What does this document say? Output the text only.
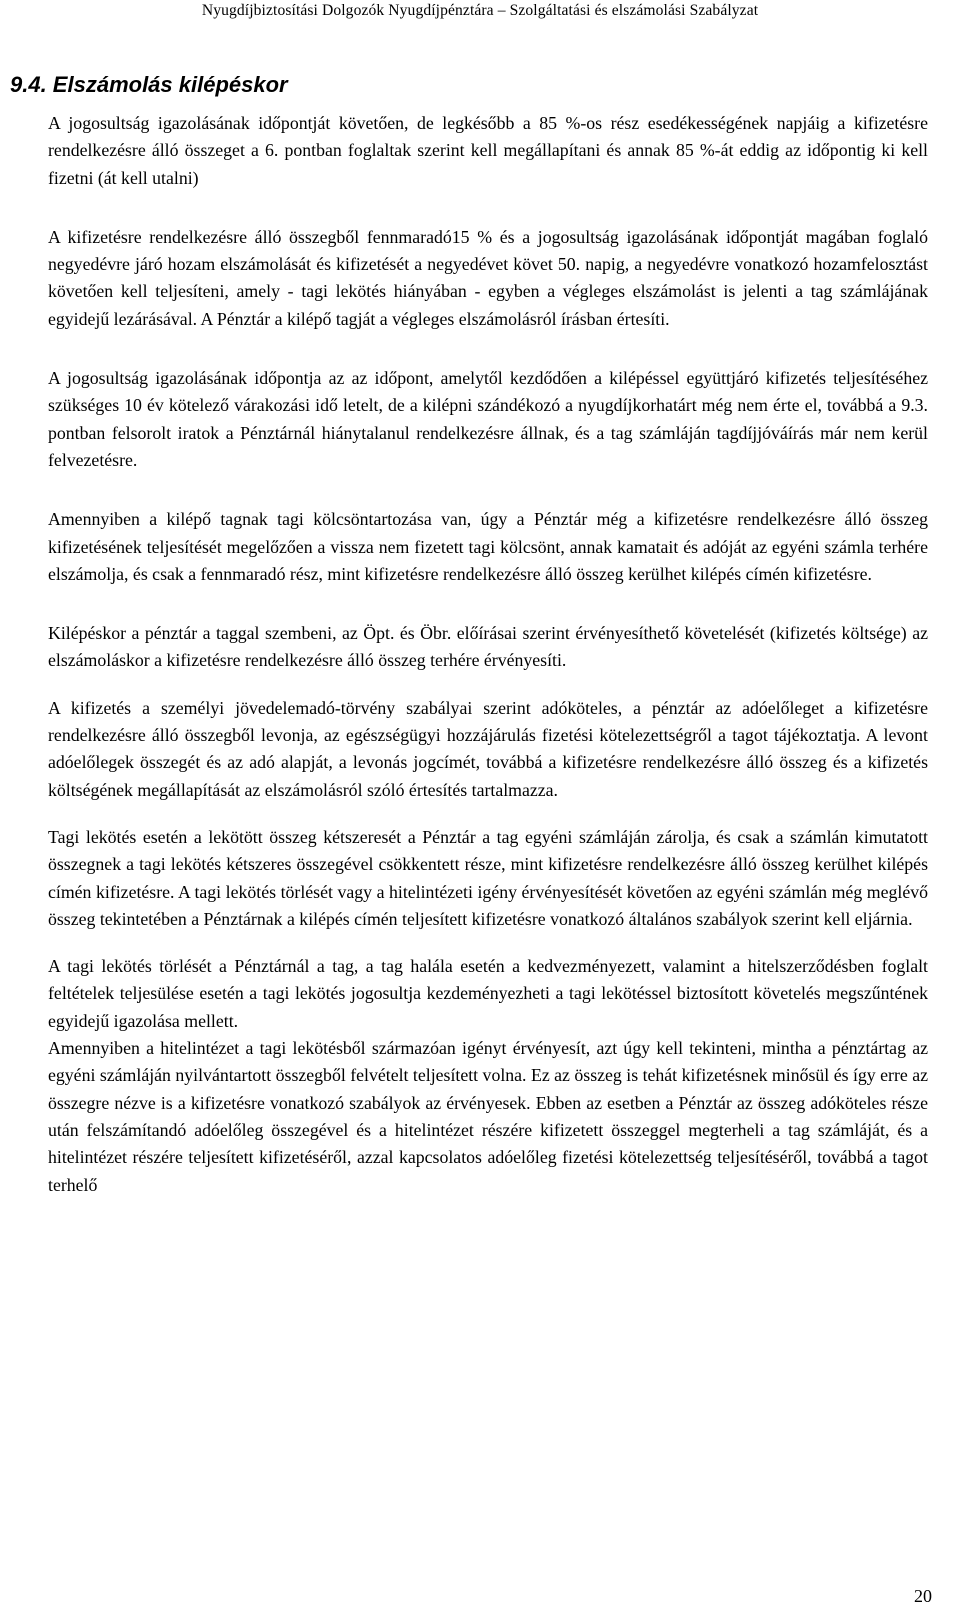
Nyugdíjbiztosítási Dolgozók Nyugdíjpénztára – Szolgáltatási és elszámolási Szabályzat
9.4. Elszámolás kilépéskor

A jogosultság igazolásának időpontját követően, de legkésőbb a 85 %-os rész esedékességének napjáig a kifizetésre rendelkezésre álló összeget a 6. pontban foglaltak szerint kell megállapítani és annak 85 %-át eddig az időpontig ki kell fizetni (át kell utalni)

A kifizetésre rendelkezésre álló összegből fennmaradó15 % és a jogosultság igazolásának időpontját magában foglaló negyedévre járó hozam elszámolását és kifizetését a negyedévet követ 50. napig, a negyedévre vonatkozó hozamfelosztást követően kell teljesíteni, amely - tagi lekötés hiányában - egyben a végleges elszámolást is jelenti a tag számlájának egyidejű lezárásával. A Pénztár a kilépő tagját a végleges elszámolásról írásban értesíti.

A jogosultság igazolásának időpontja az az időpont, amelytől kezdődően a kilépéssel együttjáró kifizetés teljesítéséhez szükséges 10 év kötelező várakozási idő letelt, de a kilépni szándékozó a nyugdíjkorhatárt még nem érte el, továbbá a 9.3. pontban felsorolt iratok a Pénztárnál hiánytalanul rendelkezésre állnak, és a tag számláján tagdíjjóváírás már nem kerül felvezetésre.

Amennyiben a kilépő tagnak tagi kölcsöntartozása van, úgy a Pénztár még a kifizetésre rendelkezésre álló összeg kifizetésének teljesítését megelőzően a vissza nem fizetett tagi kölcsönt, annak kamatait és adóját az egyéni számla terhére elszámolja, és csak a fennmaradó rész, mint kifizetésre rendelkezésre álló összeg kerülhet kilépés címén kifizetésre.

Kilépéskor a pénztár a taggal szembeni, az Öpt. és Öbr. előírásai szerint érvényesíthető követelését (kifizetés költsége) az elszámoláskor a kifizetésre rendelkezésre álló összeg terhére érvényesíti.

A kifizetés a személyi jövedelemadó-törvény szabályai szerint adóköteles, a pénztár az adóelőleget a kifizetésre rendelkezésre álló összegből levonja, az egészségügyi hozzájárulás fizetési kötelezettségről a tagot tájékoztatja. A levont adóelőlegek összegét és az adó alapját, a levonás jogcímét, továbbá a kifizetésre rendelkezésre álló összeg és a kifizetés költségének megállapítását az elszámolásról szóló értesítés tartalmazza.

Tagi lekötés esetén a lekötött összeg kétszeresét a Pénztár a tag egyéni számláján zárolja, és csak a számlán kimutatott összegnek a tagi lekötés kétszeres összegével csökkentett része, mint kifizetésre rendelkezésre álló összeg kerülhet kilépés címén kifizetésre. A tagi lekötés törlését vagy a hitelintézeti igény érvényesítését követően az egyéni számlán még meglévő összeg tekintetében a Pénztárnak a kilépés címén teljesített kifizetésre vonatkozó általános szabályok szerint kell eljárnia.

A tagi lekötés törlését a Pénztárnál a tag, a tag halála esetén a kedvezményezett, valamint a hitelszerződésben foglalt feltételek teljesülése esetén a tagi lekötés jogosultja kezdeményezheti a tagi lekötéssel biztosított követelés megszűntének egyidejű igazolása mellett.

Amennyiben a hitelintézet a tagi lekötésből származóan igényt érvényesít, azt úgy kell tekinteni, mintha a pénztártag az egyéni számláján nyilvántartott összegből felvételt teljesített volna. Ez az összeg is tehát kifizetésnek minősül és így erre az összegre nézve is a kifizetésre vonatkozó szabályok az érvényesek. Ebben az esetben a Pénztár az összeg adóköteles része után felszámítandó adóelőleg összegével és a hitelintézet részére kifizetett összeggel megterheli a tag számláját, és a hitelintézet részére teljesített kifizetéséről, azzal kapcsolatos adóelőleg fizetési kötelezettség teljesítéséről, továbbá a tagot terhelő

20
